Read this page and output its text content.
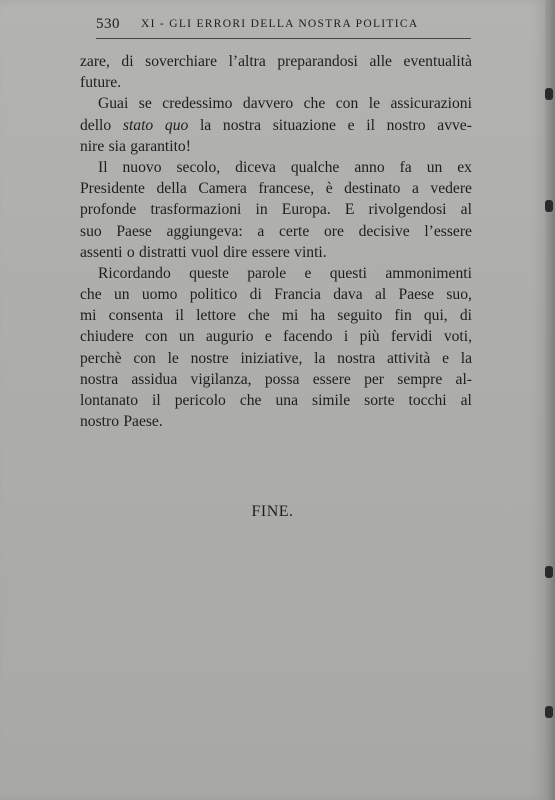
530 XI - GLI ERRORI DELLA NOSTRA POLITICA
zare, di soverchiare l’altra preparandosi alle eventualità
future.
Guai se credessimo davvero che con le assicurazioni
dello stato quo la nostra situazione e il nostro avve-
nire sia garantito!
Il nuovo secolo, diceva qualche anno fa un ex
Presidente della Camera francese, è destinato a vedere
profonde trasformazioni in Europa. E rivolgendosi al
suo Paese aggiungeva: a certe ore decisive l’essere
assenti o distratti vuol dire essere vinti.
Ricordando queste parole e questi ammonimenti
che un uomo politico di Francia dava al Paese suo,
mi consenta il lettore che mi ha seguito fin qui, di
chiudere con un augurio e facendo i più fervidi voti,
perchè con le nostre iniziative, la nostra attività e la
nostra assidua vigilanza, possa essere per sempre al-
lontanato il pericolo che una simile sorte tocchi al
nostro Paese.
FINE.
